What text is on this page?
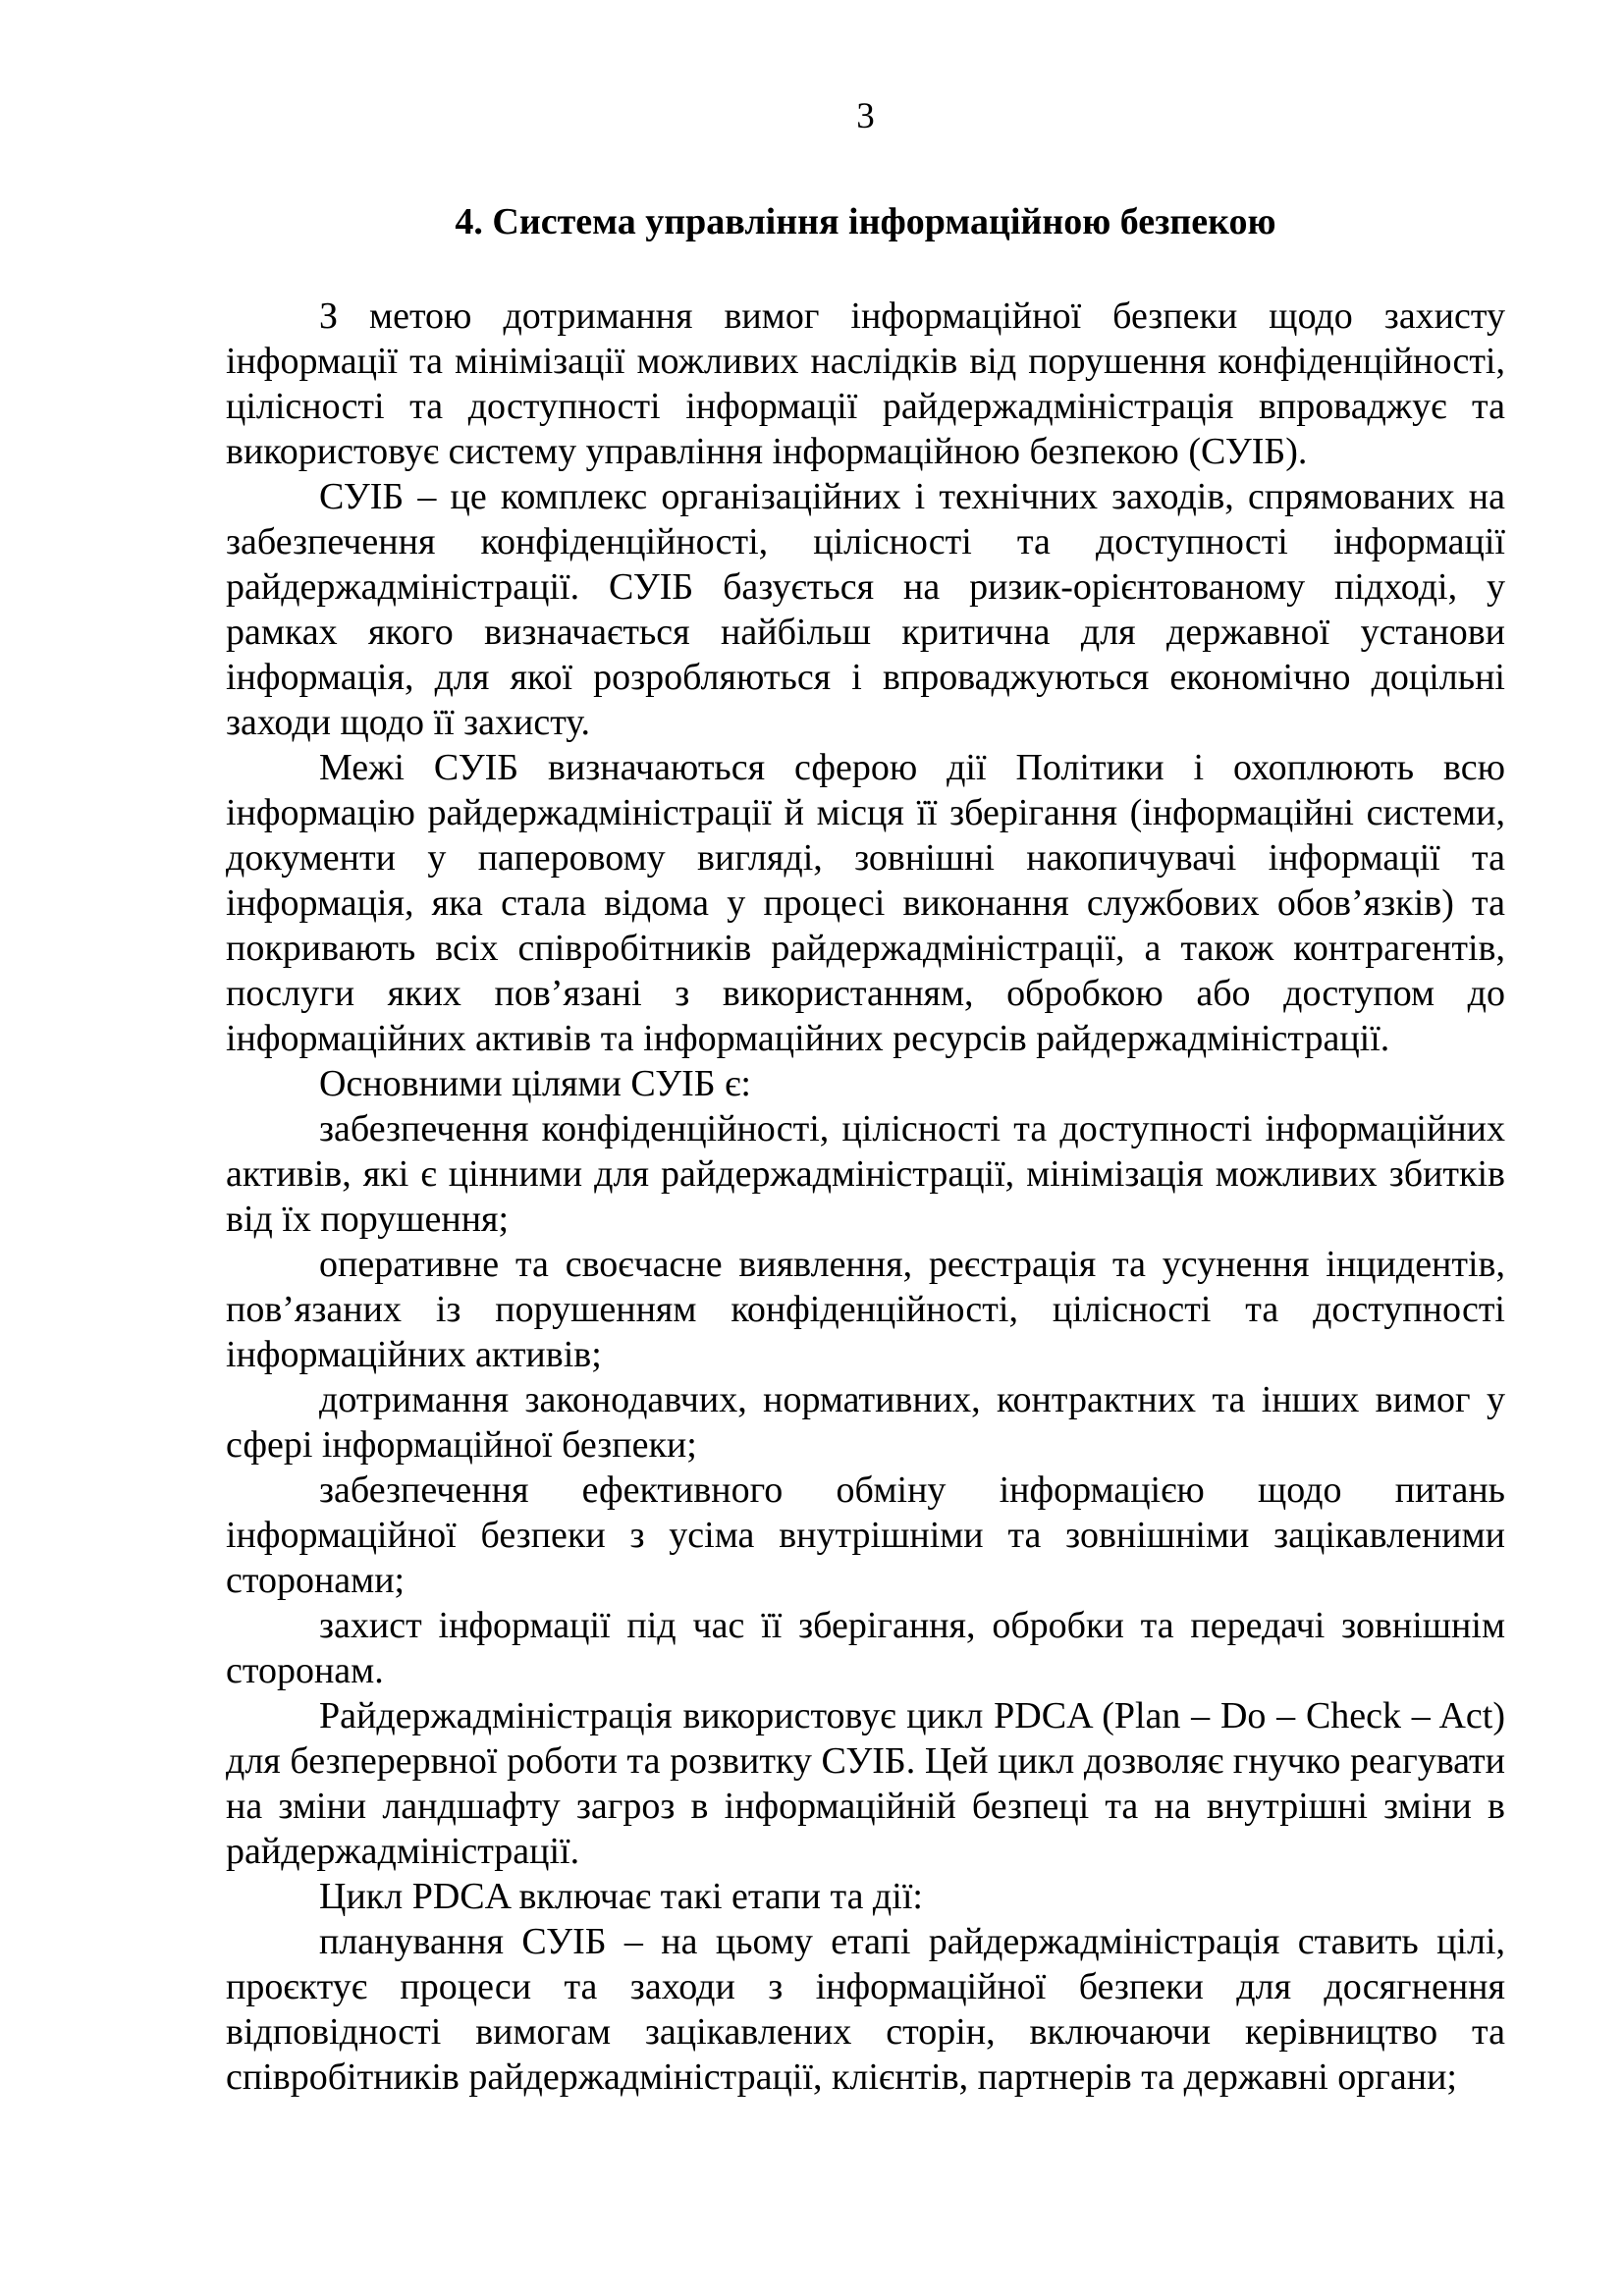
3
4. Система управління інформаційною безпекою

З метою дотримання вимог інформаційної безпеки щодо захисту інформації та мінімізації можливих наслідків від порушення конфіденційності, цілісності та доступності інформації райдержадміністрація впроваджує та використовує систему управління інформаційною безпекою (СУІБ).

СУІБ – це комплекс організаційних і технічних заходів, спрямованих на забезпечення конфіденційності, цілісності та доступності інформації райдержадміністрації. СУІБ базується на ризик-орієнтованому підході, у рамках якого визначається найбільш критична для державної установи інформація, для якої розробляються і впроваджуються економічно доцільні заходи щодо її захисту.

Межі СУІБ визначаються сферою дії Політики і охоплюють всю інформацію райдержадміністрації й місця її зберігання (інформаційні системи, документи у паперовому вигляді, зовнішні накопичувачі інформації та інформація, яка стала відома у процесі виконання службових обов’язків) та покривають всіх співробітників райдержадміністрації, а також контрагентів, послуги яких пов’язані з використанням, обробкою або доступом до інформаційних активів та інформаційних ресурсів райдержадміністрації.

Основними цілями СУІБ є:

забезпечення конфіденційності, цілісності та доступності інформаційних активів, які є цінними для райдержадміністрації, мінімізація можливих збитків від їх порушення;

оперативне та своєчасне виявлення, реєстрація та усунення інцидентів, пов’язаних із порушенням конфіденційності, цілісності та доступності інформаційних активів;

дотримання законодавчих, нормативних, контрактних та інших вимог у сфері інформаційної безпеки;

забезпечення ефективного обміну інформацією щодо питань інформаційної безпеки з усіма внутрішніми та зовнішніми зацікавленими сторонами;

захист інформації під час її зберігання, обробки та передачі зовнішнім сторонам.

Райдержадміністрація використовує цикл PDCA (Plan – Do – Check – Act) для безперервної роботи та розвитку СУІБ. Цей цикл дозволяє гнучко реагувати на зміни ландшафту загроз в інформаційній безпеці та на внутрішні зміни в райдержадміністрації.

Цикл PDCA включає такі етапи та дії:

планування СУІБ – на цьому етапі райдержадміністрація ставить цілі, проєктує процеси та заходи з інформаційної безпеки для досягнення відповідності вимогам зацікавлених сторін, включаючи керівництво та співробітників райдержадміністрації, клієнтів, партнерів та державні органи;
